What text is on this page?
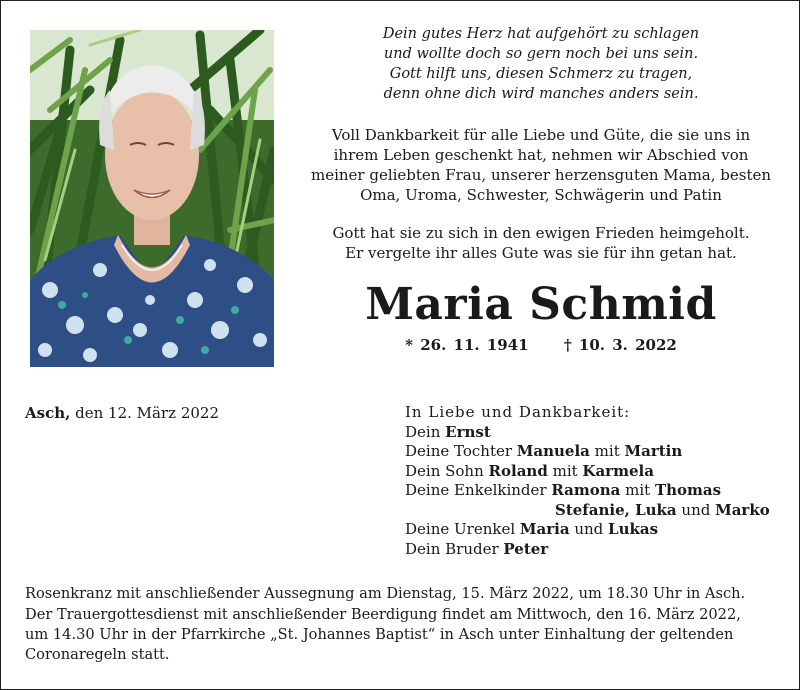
Dein gutes Herz hat aufgehört zu schlagen
und wollte doch so gern noch bei uns sein.
Gott hilft uns, diesen Schmerz zu tragen,
denn ohne dich wird manches anders sein.
Voll Dankbarkeit für alle Liebe und Güte, die sie uns in
ihrem Leben geschenkt hat, nehmen wir Abschied von
meiner geliebten Frau, unserer herzensguten Mama, besten
Oma, Uroma, Schwester, Schwägerin und Patin
Gott hat sie zu sich in den ewigen Frieden heimgeholt.
Er vergelte ihr alles Gute was sie für ihn getan hat.
Maria Schmid
* 26. 11. 1941 † 10. 3. 2022
Asch, den 12. März 2022	In Liebe und Dankbarkeit:
Dein Ernst
Deine Tochter Manuela mit Martin
Dein Sohn Roland mit Karmela
Deine Enkelkinder Ramona mit Thomas
Stefanie, Luka und Marko
Deine Urenkel Maria und Lukas
Dein Bruder Peter
Rosenkranz mit anschließender Aussegnung am Dienstag, 15. März 2022, um 18.30 Uhr in Asch.
Der Trauergottesdienst mit anschließender Beerdigung findet am Mittwoch, den 16. März 2022,
um 14.30 Uhr in der Pfarrkirche „St. Johannes Baptist“ in Asch unter Einhaltung der geltenden
Coronaregeln statt.
